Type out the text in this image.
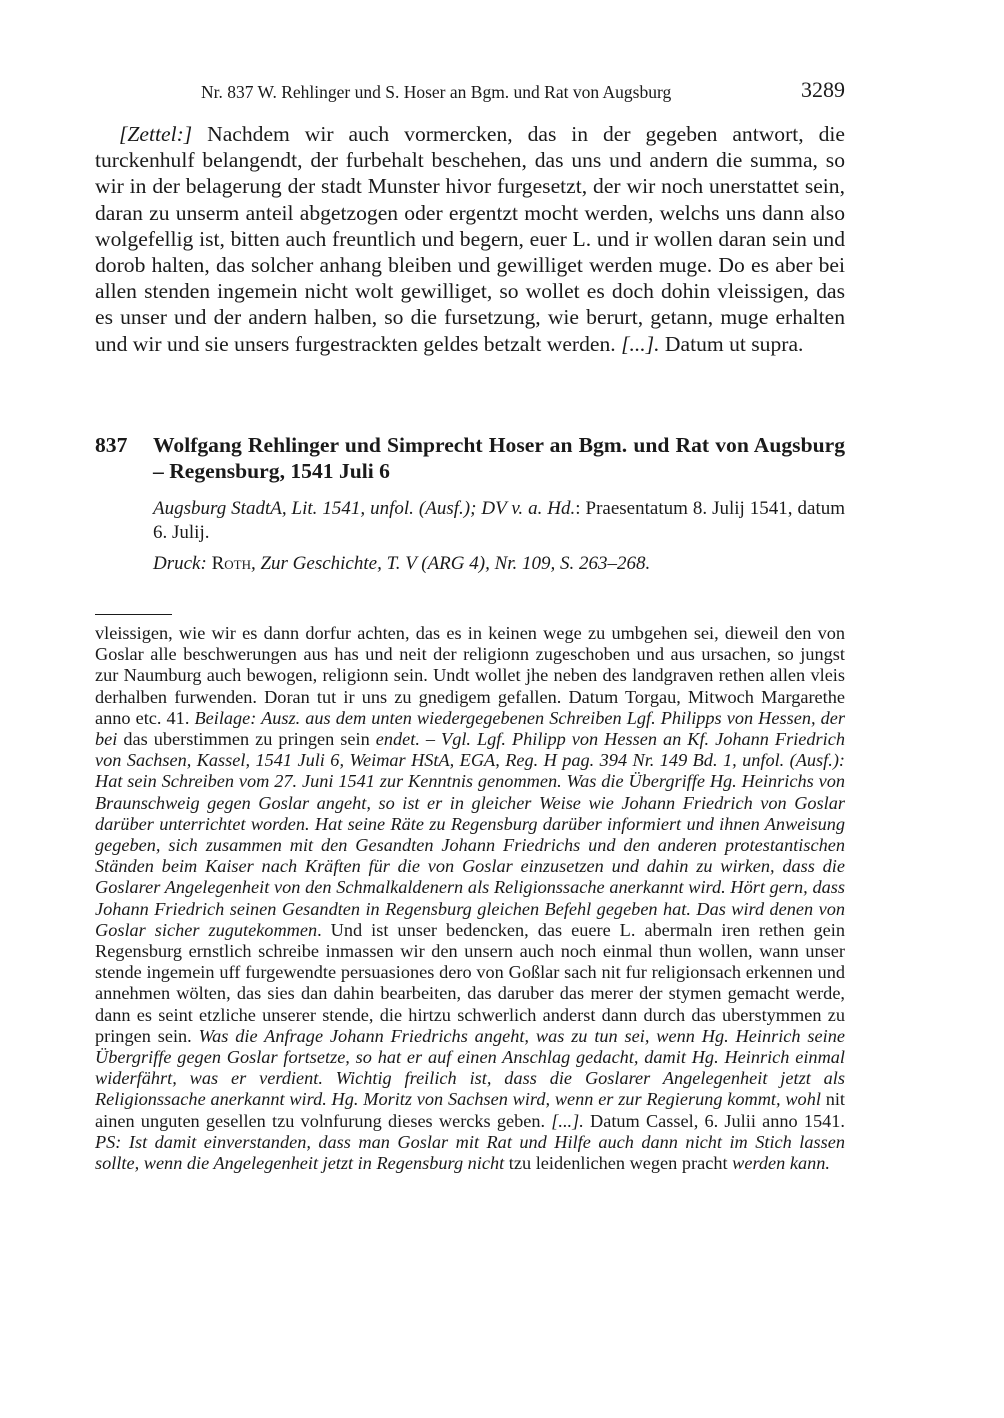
Nr. 837 W. Rehlinger und S. Hoser an Bgm. und Rat von Augsburg	3289

[Zettel:] Nachdem wir auch vormercken, das in der gegeben antwort, die turckenhulf belangendt, der furbehalt beschehen, das uns und andern die summa, so wir in der belagerung der stadt Munster hivor furgesetzt, der wir noch unerstattet sein, daran zu unserm anteil abgetzogen oder ergentzt mocht werden, welchs uns dann also wolgefellig ist, bitten auch freuntlich und begern, euer L. und ir wollen daran sein und dorob halten, das solcher anhang bleiben und gewilliget werden muge. Do es aber bei allen stenden ingemein nicht wolt gewilliget, so wollet es doch dohin vleissigen, das es unser und der andern halben, so die fursetzung, wie berurt, getann, muge erhalten und wir und sie unsers furgestrackten geldes betzalt werden. [...]. Datum ut supra.

837 Wolfgang Rehlinger und Simprecht Hoser an Bgm. und Rat von Augsburg – Regensburg, 1541 Juli 6

Augsburg StadtA, Lit. 1541, unfol. (Ausf.); DV v. a. Hd.: Praesentatum 8. Julij 1541, datum 6. Julij.

Druck: Roth, Zur Geschichte, T. V (ARG 4), Nr. 109, S. 263–268.

vleissigen, wie wir es dann dorfur achten, das es in keinen wege zu umbgehen sei, dieweil den von Goslar alle beschwerungen aus has und neit der religionn zugeschoben und aus ursachen, so jungst zur Naumburg auch bewogen, religionn sein. Undt wollet jhe neben des landgraven rethen allen vleis derhalben furwenden. Doran tut ir uns zu gnedigem gefallen. Datum Torgau, Mitwoch Margarethe anno etc. 41. Beilage: Ausz. aus dem unten wiedergegebenen Schreiben Lgf. Philipps von Hessen, der bei das uberstimmen zu pringen sein endet. – Vgl. Lgf. Philipp von Hessen an Kf. Johann Friedrich von Sachsen, Kassel, 1541 Juli 6, Weimar HStA, EGA, Reg. H pag. 394 Nr. 149 Bd. 1, unfol. (Ausf.): Hat sein Schreiben vom 27. Juni 1541 zur Kenntnis genommen. Was die Übergriffe Hg. Heinrichs von Braunschweig gegen Goslar angeht, so ist er in gleicher Weise wie Johann Friedrich von Goslar darüber unterrichtet worden. Hat seine Räte zu Regensburg darüber informiert und ihnen Anweisung gegeben, sich zusammen mit den Gesandten Johann Friedrichs und den anderen protestantischen Ständen beim Kaiser nach Kräften für die von Goslar einzusetzen und dahin zu wirken, dass die Goslarer Angelegenheit von den Schmalkaldenern als Religionssache anerkannt wird. Hört gern, dass Johann Friedrich seinen Gesandten in Regensburg gleichen Befehl gegeben hat. Das wird denen von Goslar sicher zugutekommen. Und ist unser bedencken, das euere L. abermaln iren rethen gein Regensburg ernstlich schreibe inmassen wir den unsern auch noch einmal thun wollen, wann unser stende ingemein uff furgewendte persuasiones dero von Goßlar sach nit fur religionsach erkennen und annehmen wölten, das sies dan dahin bearbeiten, das daruber das merer der stymen gemacht werde, dann es seint etzliche unserer stende, die hirtzu schwerlich anderst dann durch das uberstymmen zu pringen sein. Was die Anfrage Johann Friedrichs angeht, was zu tun sei, wenn Hg. Heinrich seine Übergriffe gegen Goslar fortsetze, so hat er auf einen Anschlag gedacht, damit Hg. Heinrich einmal widerfährt, was er verdient. Wichtig freilich ist, dass die Goslarer Angelegenheit jetzt als Religionssache anerkannt wird. Hg. Moritz von Sachsen wird, wenn er zur Regierung kommt, wohl nit ainen unguten gesellen tzu volnfurung dieses wercks geben. [...]. Datum Cassel, 6. Julii anno 1541. PS: Ist damit einverstanden, dass man Goslar mit Rat und Hilfe auch dann nicht im Stich lassen sollte, wenn die Angelegenheit jetzt in Regensburg nicht tzu leidenlichen wegen pracht werden kann.
